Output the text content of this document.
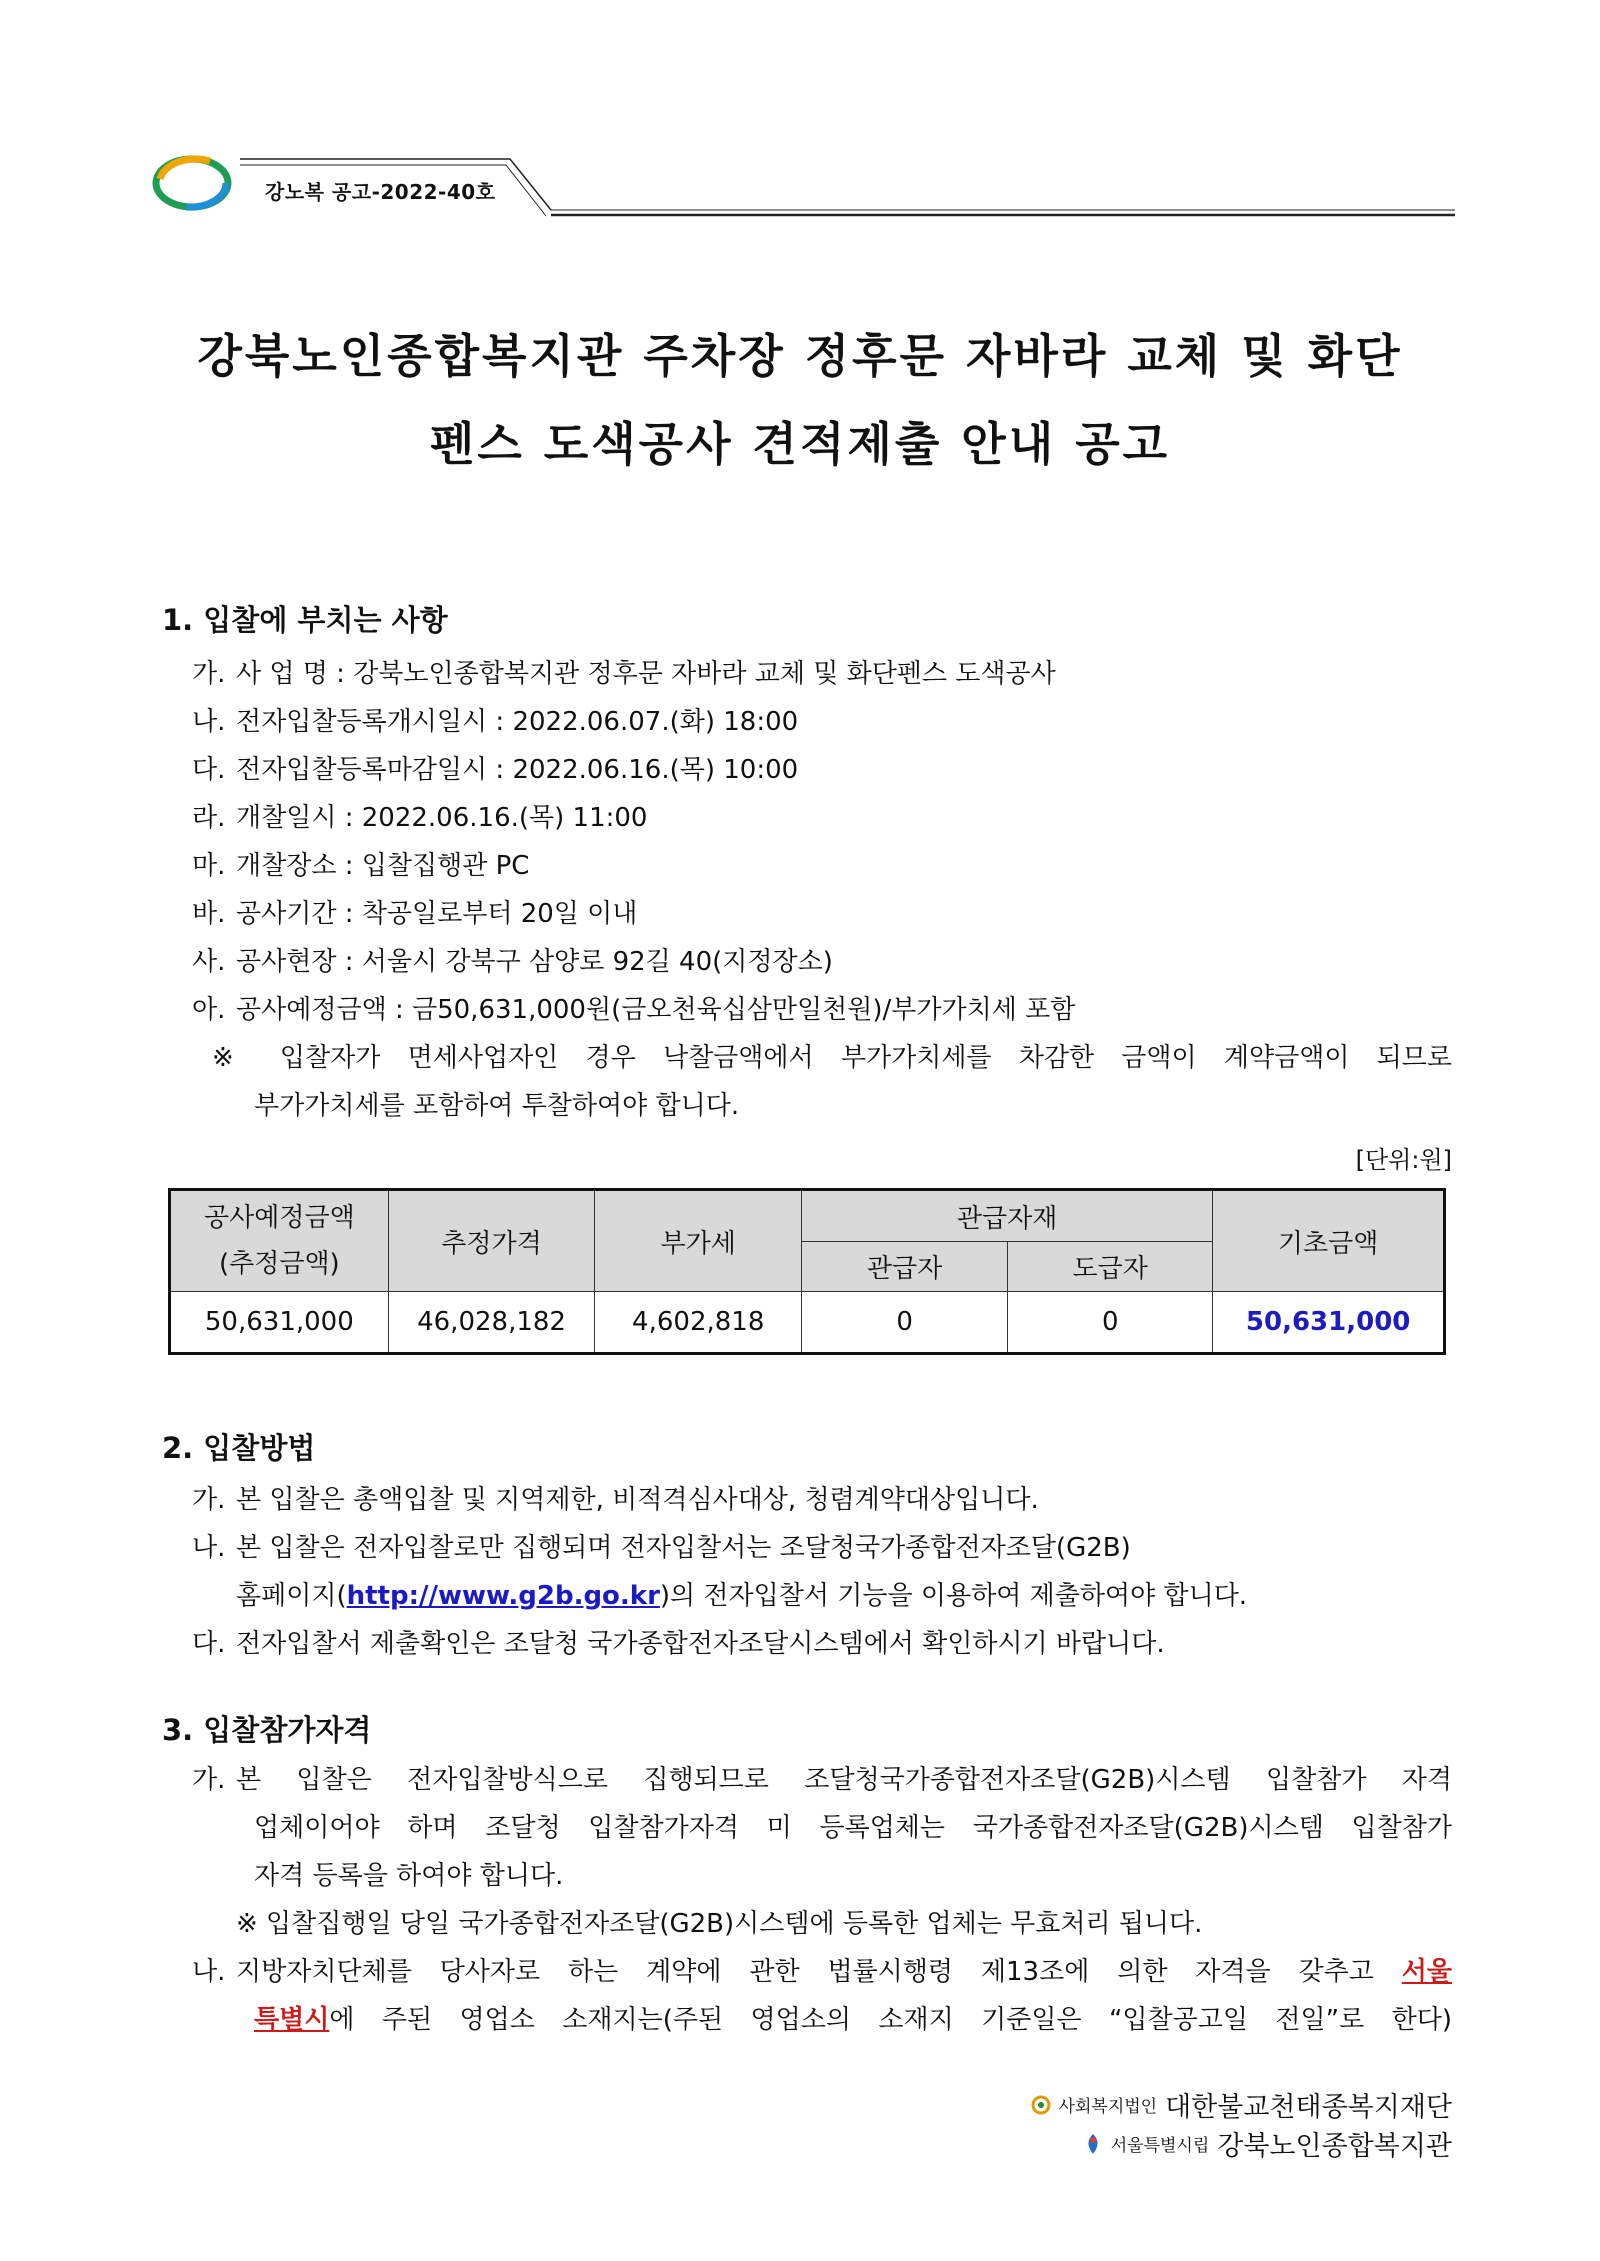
강노복 공고-2022-40호
강북노인종합복지관 주차장 정후문 자바라 교체 및 화단
펜스 도색공사 견적제출 안내 공고
1. 입찰에 부치는 사항
가. 사 업 명 : 강북노인종합복지관 정후문 자바라 교체 및 화단펜스 도색공사
나. 전자입찰등록개시일시 : 2022.06.07.(화) 18:00
다. 전자입찰등록마감일시 : 2022.06.16.(목) 10:00
라. 개찰일시 : 2022.06.16.(목) 11:00
마. 개찰장소 : 입찰집행관 PC
바. 공사기간 : 착공일로부터 20일 이내
사. 공사현장 : 서울시 강북구 삼양로 92길 40(지정장소)
아. 공사예정금액 : 금50,631,000원(금오천육십삼만일천원)/부가가치세 포함
※ 입찰자가 면세사업자인 경우 낙찰금액에서 부가가치세를 차감한 금액이 계약금액이 되므로
부가가치세를 포함하여 투찰하여야 합니다.
[단위:원]
공사예정금액
(추정금액)	추정가격	부가세	관급자재		기초금액
			관급자	도급자	
50,631,000	46,028,182	4,602,818	0	0	50,631,000
2. 입찰방법
가. 본 입찰은 총액입찰 및 지역제한, 비적격심사대상, 청렴계약대상입니다.
나. 본 입찰은 전자입찰로만 집행되며 전자입찰서는 조달청국가종합전자조달(G2B)
홈페이지(http://www.g2b.go.kr)의 전자입찰서 기능을 이용하여 제출하여야 합니다.
다. 전자입찰서 제출확인은 조달청 국가종합전자조달시스템에서 확인하시기 바랍니다.
3. 입찰참가자격
가. 본 입찰은 전자입찰방식으로 집행되므로 조달청국가종합전자조달(G2B)시스템 입찰참가 자격
업체이어야 하며 조달청 입찰참가자격 미 등록업체는 국가종합전자조달(G2B)시스템 입찰참가
자격 등록을 하여야 합니다.
※ 입찰집행일 당일 국가종합전자조달(G2B)시스템에 등록한 업체는 무효처리 됩니다.
나. 지방자치단체를 당사자로 하는 계약에 관한 법률시행령 제13조에 의한 자격을 갖추고 서울
특별시에 주된 영업소 소재지는(주된 영업소의 소재지 기준일은 “입찰공고일 전일”로 한다)
사회복지법인 대한불교천태종복지재단
서울특별시립 강북노인종합복지관
